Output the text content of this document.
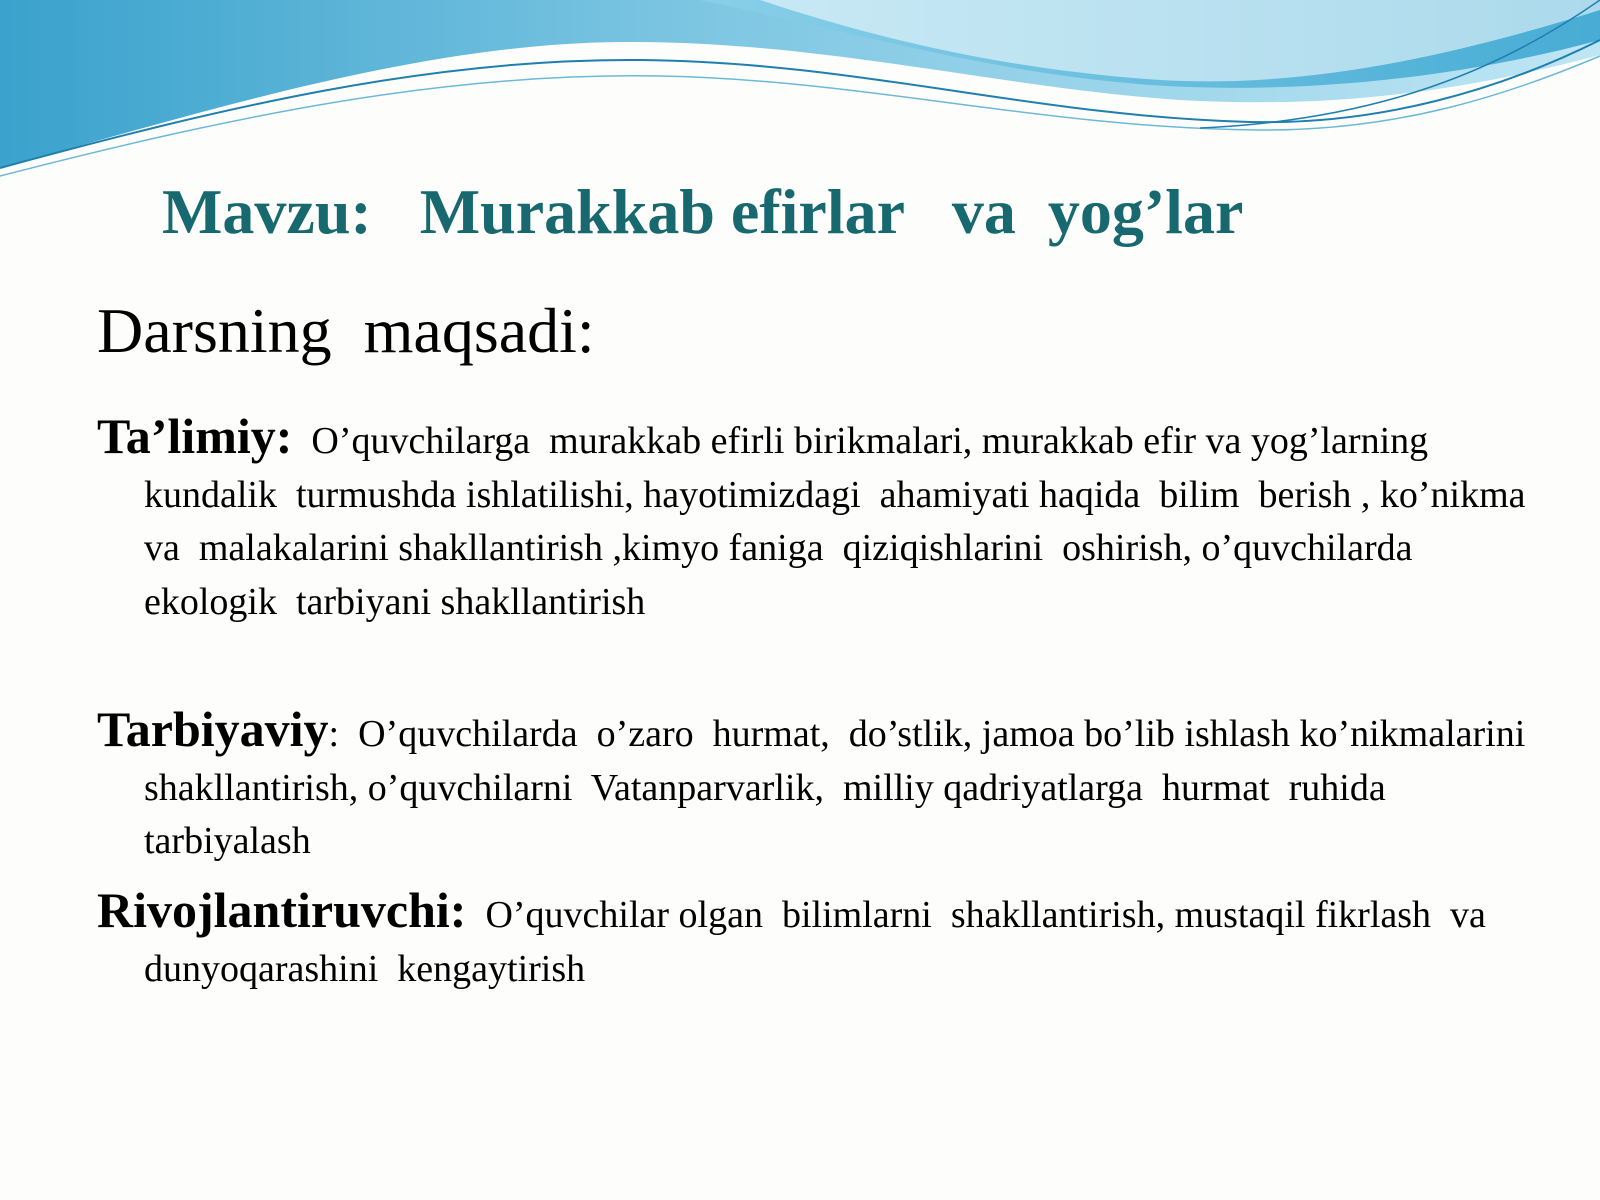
Mavzu:   Murakkab efirlar   va  yog’lar
Darsning  maqsadi:

Ta’limiy:  O’quvchilarga  murakkab efirli birikmalari, murakkab efir va yog’larning  kundalik  turmushda ishlatilishi, hayotimizdagi  ahamiyati haqida  bilim  berish , ko’nikma va  malakalarini shakllantirish ,kimyo faniga  qiziqishlarini  oshirish, o’quvchilarda  ekologik  tarbiyani shakllantirish

Tarbiyaviy:  O’quvchilarda  o’zaro  hurmat,  do’stlik, jamoa bo’lib ishlash ko’nikmalarini  shakllantirish, o’quvchilarni  Vatanparvarlik,  milliy qadriyatlarga  hurmat  ruhida  tarbiyalash

Rivojlantiruvchi:  O’quvchilar olgan  bilimlarni  shakllantirish, mustaqil fikrlash  va  dunyoqarashini  kengaytirish
